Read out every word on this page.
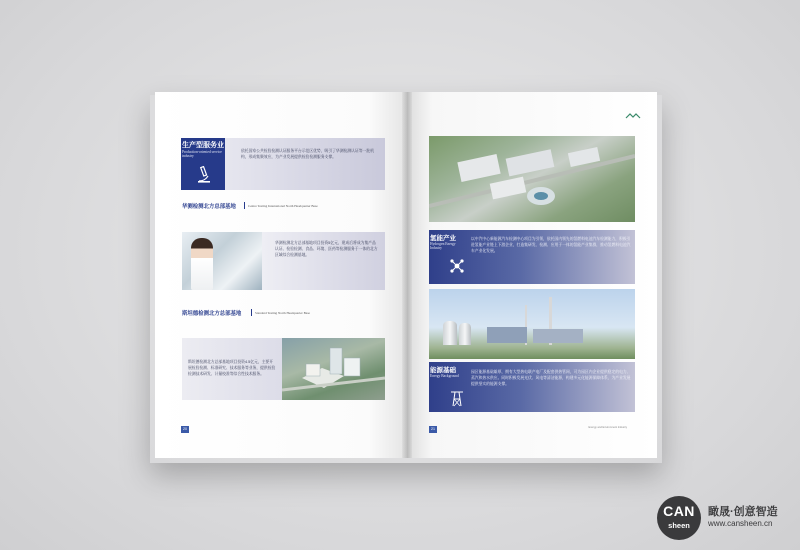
生产型服务业
Production-oriented service industry
依托国家公共检验检测认证服务平台示范区优势，吸引了华测检测认证等一批机构，形成集聚效应，为产业发展提供检验检测服务支撑。
华测检测北方总部基地	Centre Testing International North Headquarter Base
华测检测北方总部基地项目投资5亿元，建成后将成为集产品认证、检验检测、食品、环境、医药等检测服务于一体的北方区域综合检测基地。
斯坦德检测北方总部基地	Standard Testing North Headquarter Base
斯坦德检测北方总部基地项目投资4.5亿元，主要开展检验检测、标准研究、技术服务等业务，提供检验检测技术研发、计量校准等综合性技术服务。
20
氢能产业
Hydrogen Energy Industry
以中汽中心新能源汽车检测中心项目为引领，依托国内领先的氢燃料电池汽车检测能力，积极引进氢能产业链上下游企业，打造集研发、检测、应用于一体的氢能产业集群，推动氢燃料电池汽车产业化发展。
能源基础
Energy Background
园区能源基础雄厚，拥有大型热电联产电厂及配套供热管网，可为园区内企业提供稳定的电力、蒸汽和热水供应。同时积极发展光伏、风电等清洁能源，构建多元化能源保障体系，为产业发展提供坚实的能源支撑。
21	Energy and Environment Industry
CAN
sheen
瞰晟·创意智造
www.cansheen.cn
